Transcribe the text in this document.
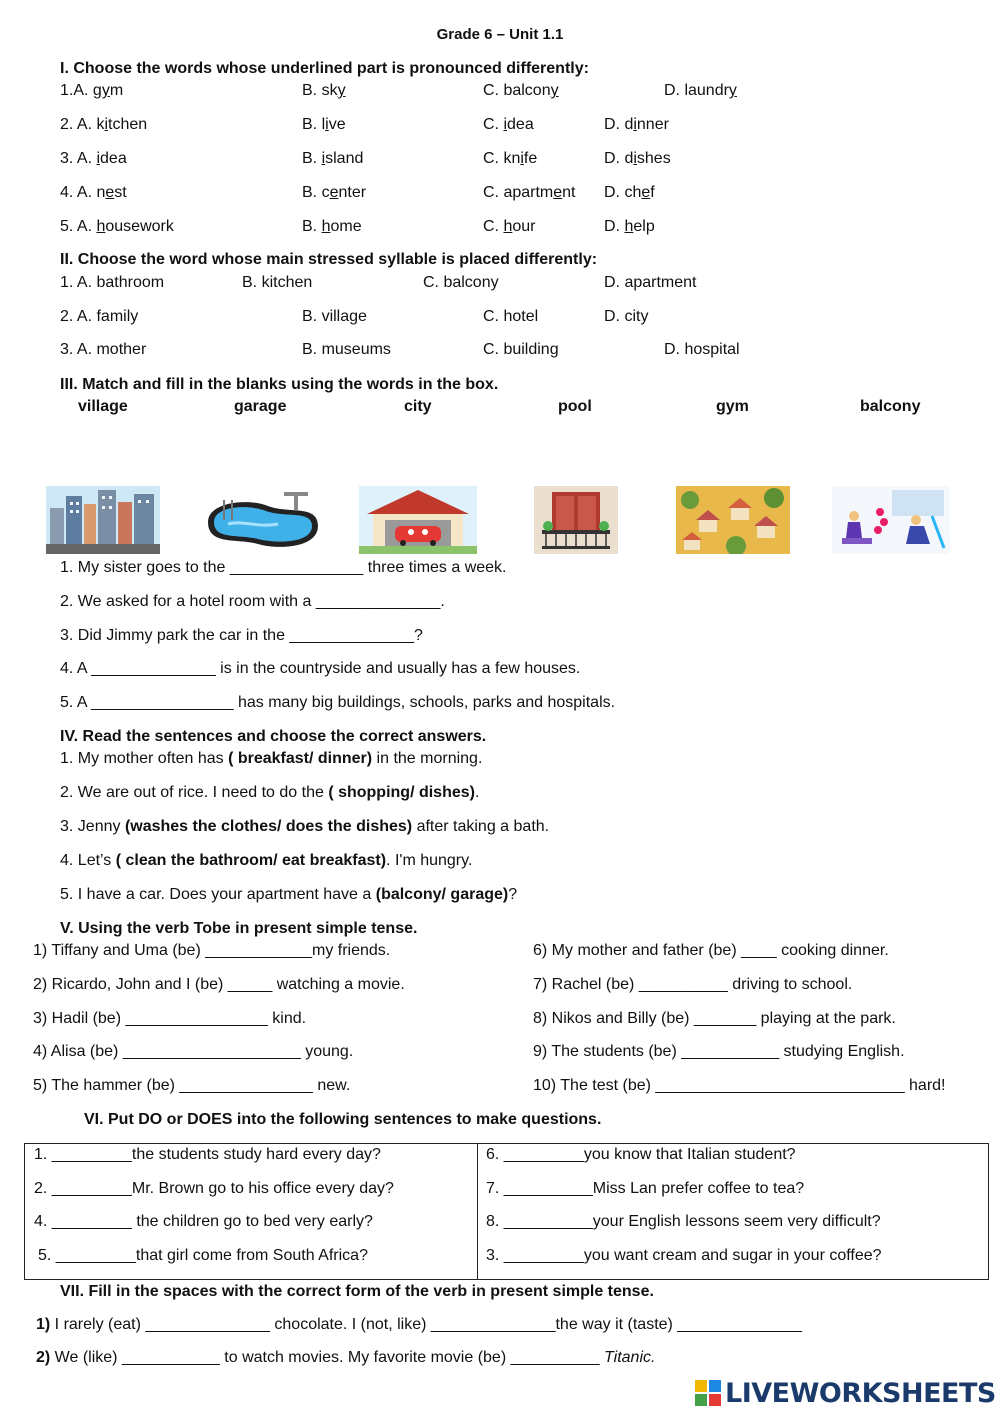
Grade 6 – Unit 1.1
I. Choose the words whose underlined part is pronounced differently:
1.A. gym	B. sky	C. balcony	D. laundry
2. A. kitchen	B. live	C. idea	D. dinner
3. A. idea	B. island	C. knife	D. dishes
4. A. nest	B. center	C. apartment D. chef
5. A. housework	B. home	C. hour	D. help
II. Choose the word whose main stressed syllable is placed differently:
1. A. bathroom	B. kitchen	C. balcony	D. apartment
2. A. family	B. village	C. hotel	D. city
3. A. mother	B. museums	C. building	D. hospital
III. Match and fill in the blanks using the words in the box.
village	garage	city	pool	gym	balcony
1. My sister goes to the _______________ three times a week.
2. We asked for a hotel room with a ______________.
3. Did Jimmy park the car in the ______________?
4. A ______________ is in the countryside and usually has a few houses.
5. A ________________ has many big buildings, schools, parks and hospitals.
IV. Read the sentences and choose the correct answers.
1. My mother often has ( breakfast/ dinner) in the morning.
2. We are out of rice. I need to do the ( shopping/ dishes).
3. Jenny (washes the clothes/ does the dishes) after taking a bath.
4. Let’s ( clean the bathroom/ eat breakfast). I'm hungry.
5. I have a car. Does your apartment have a (balcony/ garage)?
V. Using the verb Tobe in present simple tense.
1) Tiffany and Uma (be) ____________my friends.
2) Ricardo, John and I (be) _____ watching a movie.
3) Hadil (be) ________________ kind.
4) Alisa (be) ____________________ young.
5) The hammer (be) _______________ new.
6) My mother and father (be) ____ cooking dinner.
7) Rachel (be) __________ driving to school.
8) Nikos and Billy (be) _______ playing at the park.
9) The students (be) ___________ studying English.
10) The test (be) ____________________________ hard!
VI. Put DO or DOES into the following sentences to make questions.
1. _________the students study hard every day?
2. _________Mr. Brown go to his office every day?
4. _________ the children go to bed very early?
5. _________that girl come from South Africa?
6. _________you know that Italian student?
7. __________Miss Lan prefer coffee to tea?
8. __________your English lessons seem very difficult?
3. _________you want cream and sugar in your coffee?
VII. Fill in the spaces with the correct form of the verb in present simple tense.
1) I rarely (eat) ______________ chocolate. I (not, like) ______________the way it (taste) ______________
2) We (like) ___________ to watch movies. My favorite movie (be) __________ Titanic.
LIVEWORKSHEETS
